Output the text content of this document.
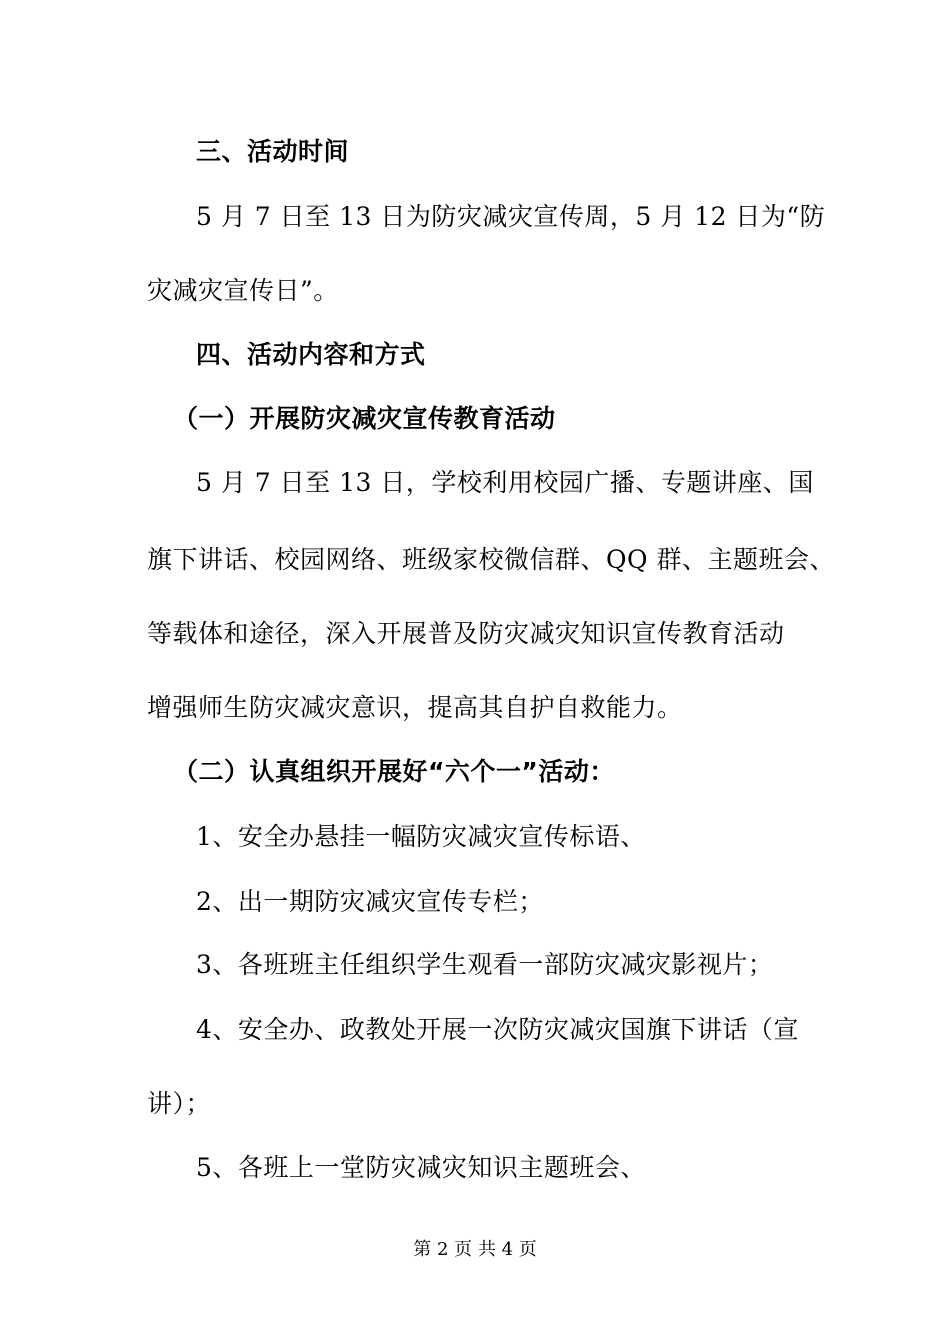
三、活动时间
5 月 7 日至 13 日为防灾减灾宣传周，5 月 12 日为“防
灾减灾宣传日”。
四、活动内容和方式
（一）开展防灾减灾宣传教育活动
5 月 7 日至 13 日，学校利用校园广播、专题讲座、国
旗下讲话、校园网络、班级家校微信群、QQ 群、主题班会、
等载体和途径，深入开展普及防灾减灾知识宣传教育活动
增强师生防灾减灾意识，提高其自护自救能力。
（二）认真组织开展好“六个一”活动：
1、安全办悬挂一幅防灾减灾宣传标语、
2、出一期防灾减灾宣传专栏；
3、各班班主任组织学生观看一部防灾减灾影视片；
4、安全办、政教处开展一次防灾减灾国旗下讲话（宣
讲）；
5、各班上一堂防灾减灾知识主题班会、
第 2 页 共 4 页
